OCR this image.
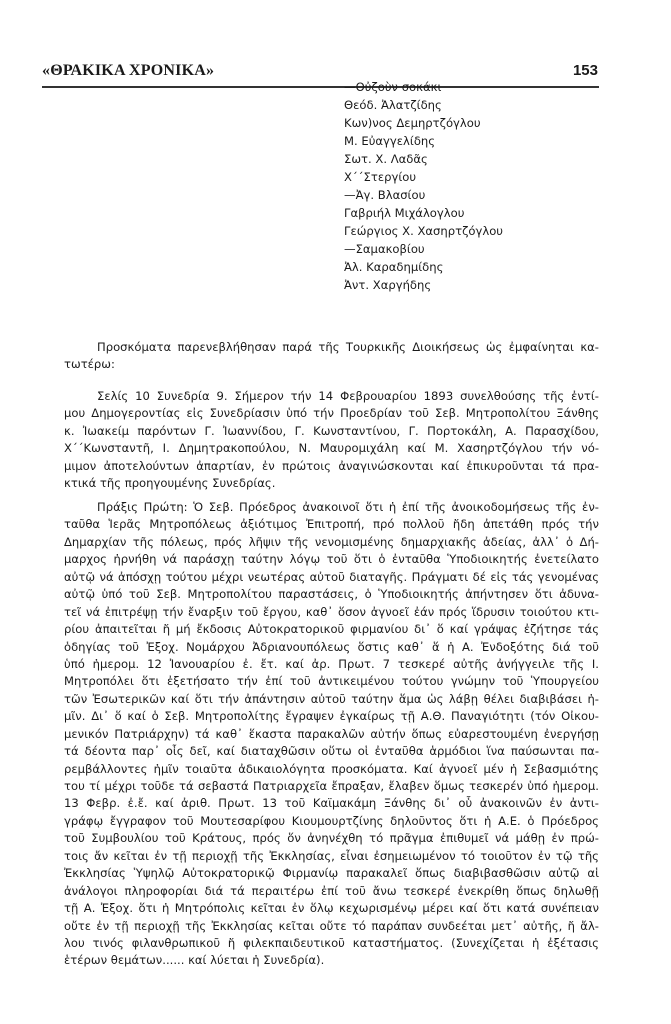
«ΘΡΑΚΙΚΑ ΧΡΟΝΙΚΑ»	153
—Οὐζοὺν σοκάκι
Θεόδ. Ἀλατζίδης
Κων)νος Δεμηρτζόγλου
Μ. Εὐαγγελίδης
Σωτ. Χ. Λαδᾶς
Χ΄΄Στεργίου
—Ἀγ. Βλασίου
Γαβριήλ Μιχάλογλου
Γεώργιος Χ. Χασηρτζόγλου
—Σαμακοβίου
Ἀλ. Καραδημίδης
Ἀντ. Χαργήδης
Προσκόματα παρενεβλήθησαν παρά τῆς Τουρκικῆς Διοικήσεως ὡς ἐμφαίνηται κα-
τωτέρω:
Σελίς 10 Συνεδρία 9. Σήμερον τήν 14 Φεβρουαρίου 1893 συνελθούσης τῆς ἐντί-
μου Δημογεροντίας εἰς Συνεδρίασιν ὑπό τήν Προεδρίαν τοῦ Σεβ. Μητροπολίτου Ξάνθης
κ. Ἰωακείμ παρόντων Γ. Ἰωαννίδου, Γ. Κωνσταντίνου, Γ. Πορτοκάλη, Α. Παρασχίδου,
Χ΄΄Κωνσταντῆ, Ι. Δημητρακοπούλου, Ν. Μαυρομιχάλη καί Μ. Χασηρτζόγλου τήν νό-
μιμον ἀποτελούντων ἀπαρτίαν, ἐν πρώτοις ἀναγινώσκονται καί ἐπικυροῦνται τά πρα-
κτικά τῆς προηγουμένης Συνεδρίας.
Πράξις Πρώτη: Ὁ Σεβ. Πρόεδρος ἀνακοινοῖ ὅτι ἡ ἐπί τῆς ἀνοικοδομήσεως τῆς ἐν-
ταῦθα Ἱερᾶς Μητροπόλεως ἀξιότιμος Ἐπιτροπή, πρό πολλοῦ ἤδη ἀπετάθη πρός τήν
Δημαρχίαν τῆς πόλεως, πρός λῆψιν τῆς νενομισμένης δημαρχιακῆς ἀδείας, ἀλλ᾽ ὁ Δή-
μαρχος ἠρνήθη νά παράσχῃ ταύτην λόγῳ τοῦ ὅτι ὁ ἐνταῦθα Ὑποδιοικητής ἐνετείλατο
αὐτῷ νά ἀπόσχῃ τούτου μέχρι νεωτέρας αὐτοῦ διαταγῆς. Πράγματι δέ εἰς τάς γενομένας
αὐτῷ ὑπό τοῦ Σεβ. Μητροπολίτου παραστάσεις, ὁ Ὑποδιοικητής ἀπήντησεν ὅτι ἀδυνα-
τεῖ νά ἐπιτρέψῃ τήν ἔναρξιν τοῦ ἔργου, καθ᾽ ὅσον ἀγνοεῖ ἐάν πρός ἵδρυσιν τοιούτου κτι-
ρίου ἀπαιτεῖται ἤ μή ἔκδοσις Αὐτοκρατορικοῦ φιρμανίου δι᾽ ὅ καί γράψας ἐζήτησε τάς
ὁδηγίας τοῦ Ἐξοχ. Νομάρχου Ἀδριανουπόλεως ὅστις καθ᾽ ἅ ἡ Α. Ἐνδοξότης διά τοῦ
ὑπό ἡμερομ. 12 Ἰανουαρίου ἐ. ἔτ. καί ἀρ. Πρωτ. 7 τεσκερέ αὐτῆς ἀνήγγειλε τῆς Ι.
Μητροπόλει ὅτι ἐξετήσατο τήν ἐπί τοῦ ἀντικειμένου τούτου γνώμην τοῦ Ὑπουργείου
τῶν Ἐσωτερικῶν καί ὅτι τήν ἀπάντησιν αὐτοῦ ταύτην ἅμα ὡς λάβῃ θέλει διαβιβάσει ἡ-
μῖν. Δι᾽ ὅ καί ὁ Σεβ. Μητροπολίτης ἔγραψεν ἐγκαίρως τῇ Α.Θ. Παναγιότητι (τόν Οἰκου-
μενικόν Πατριάρχην) τά καθ᾽ ἕκαστα παρακαλῶν αὐτήν ὅπως εὐαρεστουμένη ἐνεργήσῃ
τά δέοντα παρ᾽ οἷς δεῖ, καί διαταχθῶσιν οὕτω οἱ ἐνταῦθα ἁρμόδιοι ἵνα παύσωνται πα-
ρεμβάλλοντες ἡμῖν τοιαῦτα ἀδικαιολόγητα προσκόματα. Καί ἀγνοεῖ μέν ἡ Σεβασμιότης
του τί μέχρι τοῦδε τά σεβαστά Πατριαρχεῖα ἔπραξαν, ἔλαβεν ὅμως τεσκερέν ὑπό ἡμερομ.
13 Φεβρ. ἐ.ἔ. καί ἀριθ. Πρωτ. 13 τοῦ Καϊμακάμη Ξάνθης δι᾽ οὗ ἀνακοινῶν ἐν ἀντι-
γράφῳ ἔγγραφον τοῦ Μουτεσαρίφου Κιουμουρτζίνης δηλοῦντος ὅτι ἡ Α.Ε. ὁ Πρόεδρος
τοῦ Συμβουλίου τοῦ Κράτους, πρός ὅν ἀνηνέχθη τό πρᾶγμα ἐπιθυμεῖ νά μάθῃ ἐν πρώ-
τοις ἄν κεῖται ἐν τῇ περιοχῇ τῆς Ἐκκλησίας, εἶναι ἐσημειωμένον τό τοιοῦτον ἐν τῷ τῆς
Ἐκκλησίας Ὑψηλῷ Αὐτοκρατορικῷ Φιρμανίῳ παρακαλεῖ ὅπως διαβιβασθῶσιν αὐτῷ αἱ
ἀνάλογοι πληροφορίαι διά τά περαιτέρω ἐπί τοῦ ἄνω τεσκερέ ἐνεκρίθη ὅπως δηλωθῇ
τῇ Α. Ἐξοχ. ὅτι ἡ Μητρόπολις κεῖται ἐν ὅλῳ κεχωρισμένῳ μέρει καί ὅτι κατά συνέπειαν
οὔτε ἐν τῇ περιοχῇ τῆς Ἐκκλησίας κεῖται οὔτε τό παράπαν συνδεέται μετ᾽ αὐτῆς, ἤ ἄλ-
λου τινός φιλανθρωπικοῦ ἤ φιλεκπαιδευτικοῦ καταστήματος. (Συνεχίζεται ἡ ἐξέτασις
ἑτέρων θεμάτων...... καί λύεται ἡ Συνεδρία).
